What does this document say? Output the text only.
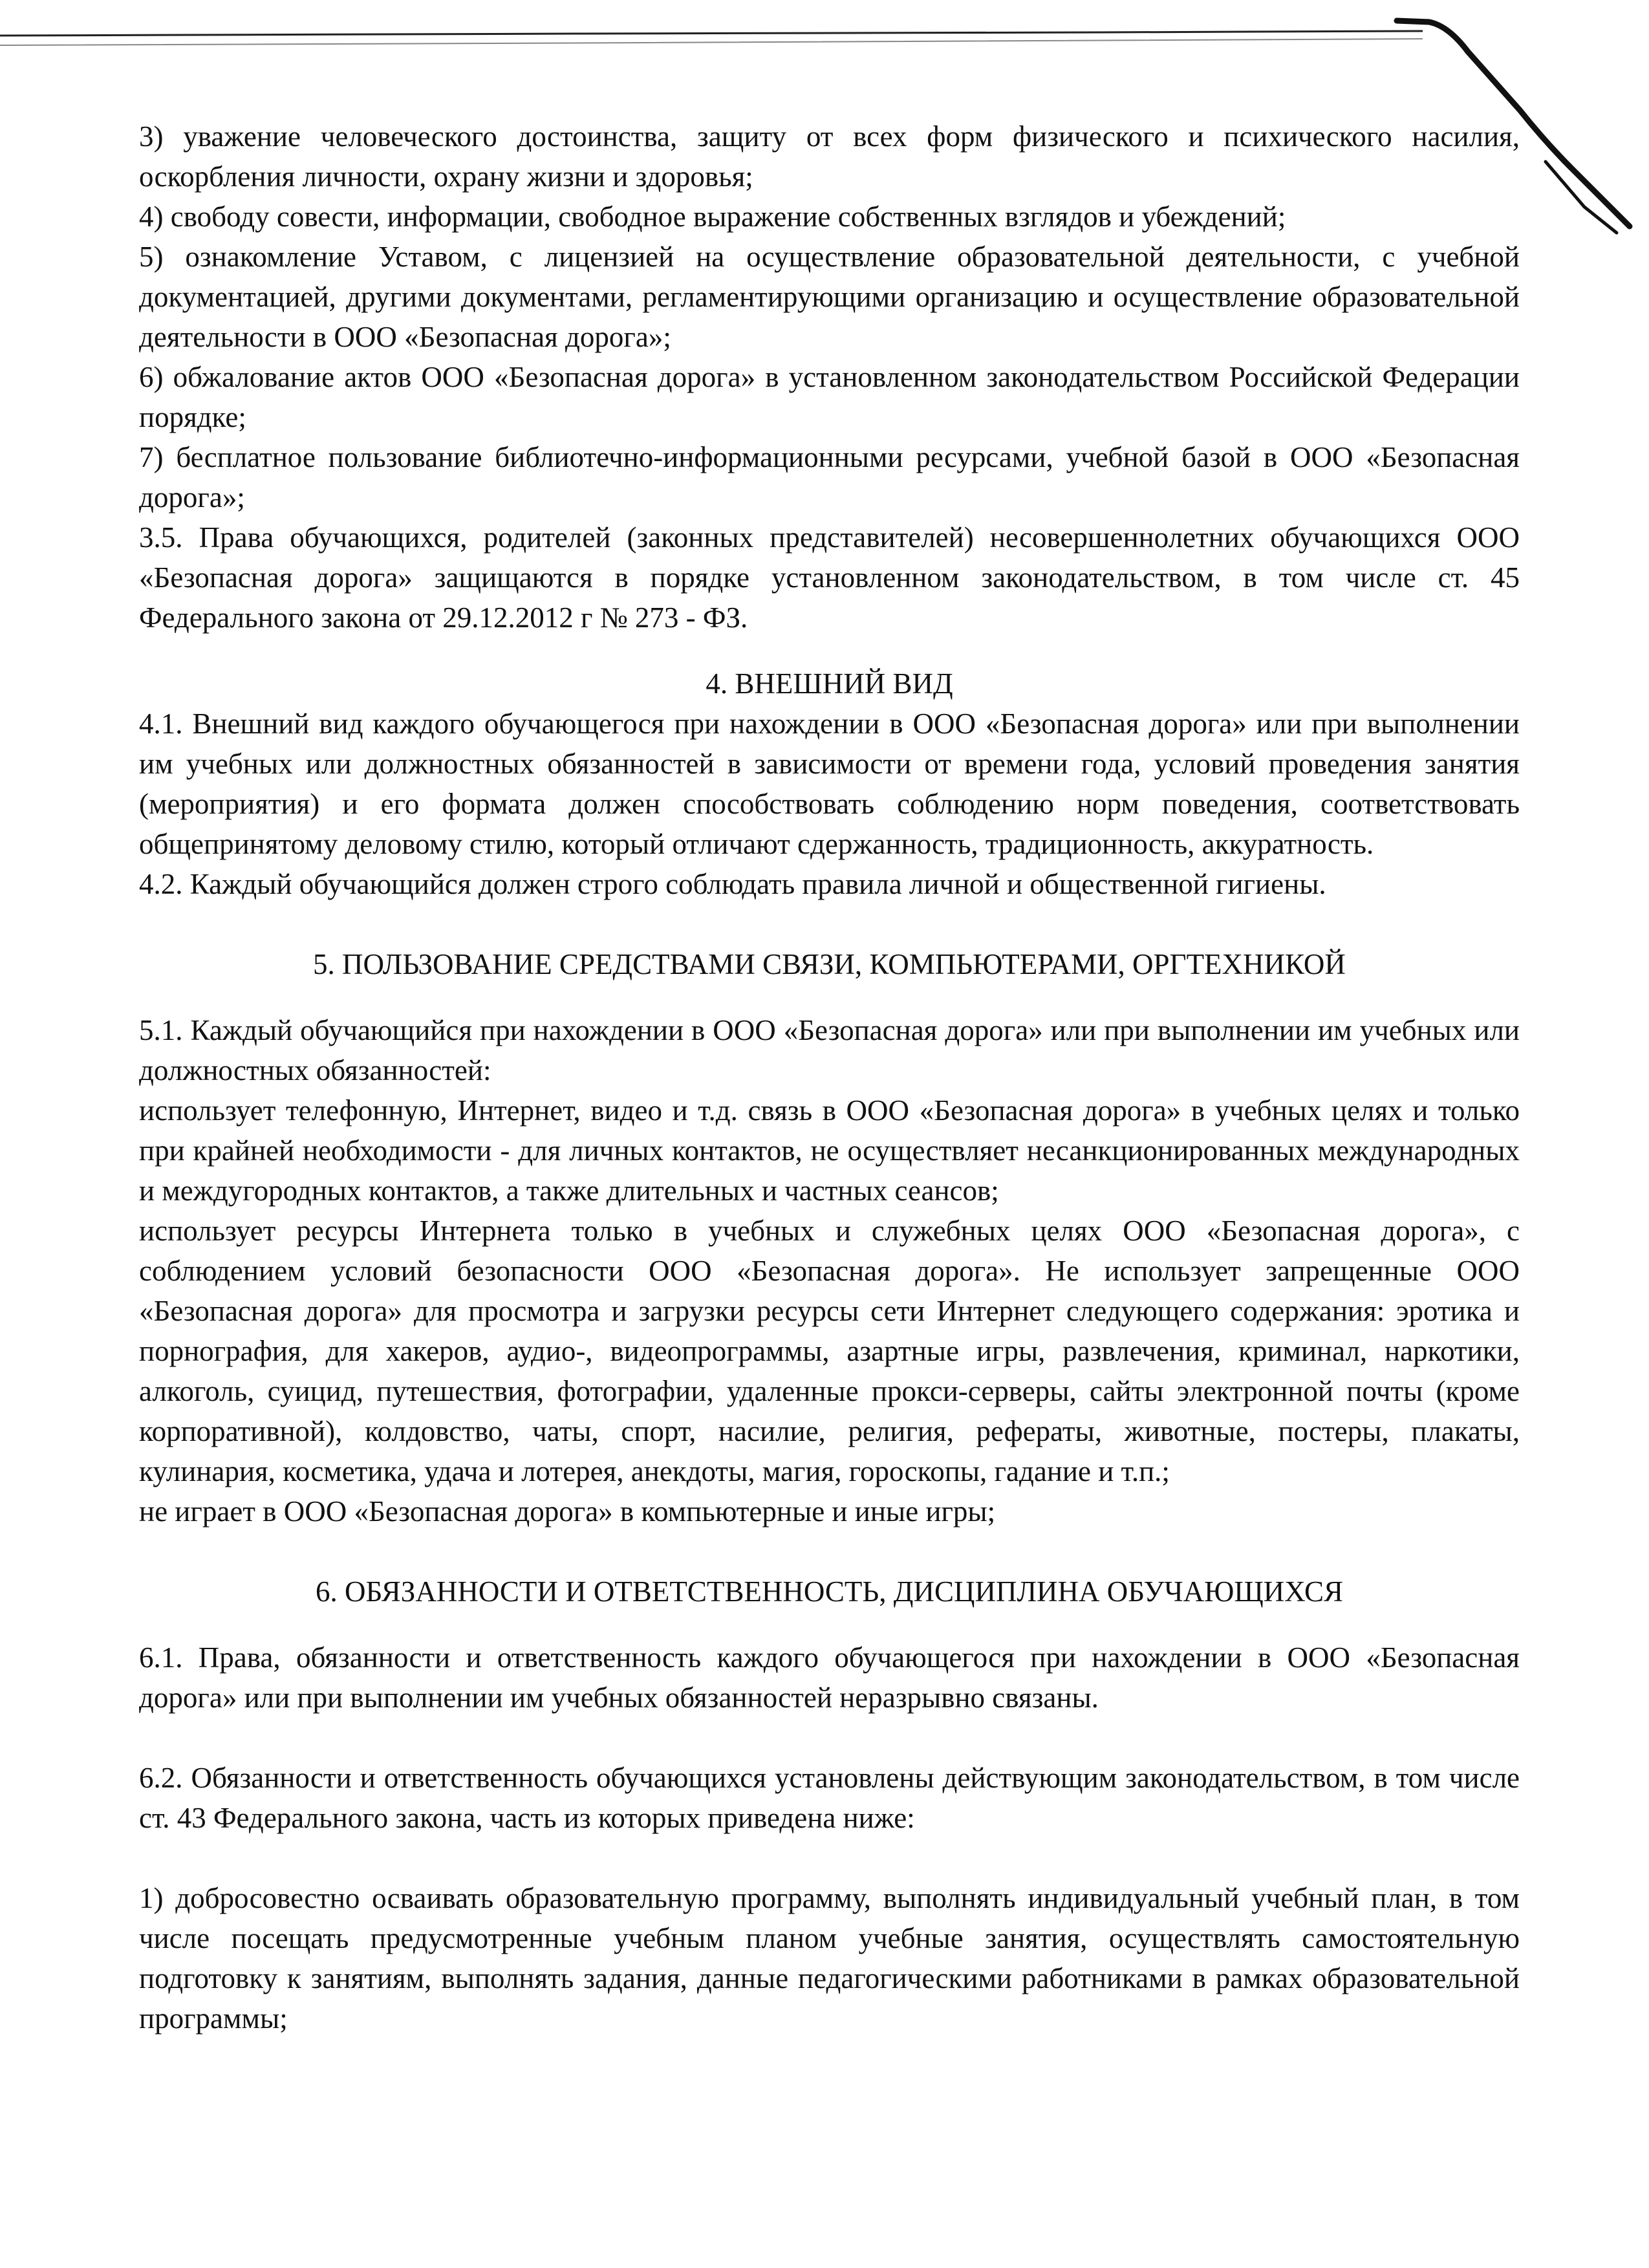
3) уважение человеческого достоинства, защиту от всех форм физического и психического насилия, оскорбления личности, охрану жизни и здоровья;

4) свободу совести, информации, свободное выражение собственных взглядов и убеждений;

5) ознакомление Уставом, с лицензией на осуществление образовательной деятельности, с учебной документацией, другими документами, регламентирующими организацию и осуществление образовательной деятельности в ООО «Безопасная дорога»;

6) обжалование актов ООО «Безопасная дорога» в установленном законодательством Российской Федерации порядке;

7) бесплатное пользование библиотечно-информационными ресурсами, учебной базой в ООО «Безопасная дорога»;

3.5. Права обучающихся, родителей (законных представителей) несовершеннолетних обучающихся ООО «Безопасная дорога» защищаются в порядке установленном законодательством, в том числе ст. 45 Федерального закона от 29.12.2012 г № 273 - ФЗ.

4. ВНЕШНИЙ ВИД

4.1. Внешний вид каждого обучающегося при нахождении в ООО «Безопасная дорога» или при выполнении им учебных или должностных обязанностей в зависимости от времени года, условий проведения занятия (мероприятия) и его формата должен способствовать соблюдению норм поведения, соответствовать общепринятому деловому стилю, который отличают сдержанность, традиционность, аккуратность.

4.2. Каждый обучающийся должен строго соблюдать правила личной и общественной гигиены.

5. ПОЛЬЗОВАНИЕ СРЕДСТВАМИ СВЯЗИ, КОМПЬЮТЕРАМИ, ОРГТЕХНИКОЙ

5.1. Каждый обучающийся при нахождении в ООО «Безопасная дорога» или при выполнении им учебных или должностных обязанностей:

использует телефонную, Интернет, видео и т.д. связь в ООО «Безопасная дорога» в учебных целях и только при крайней необходимости - для личных контактов, не осуществляет несанкционированных международных и междугородных контактов, а также длительных и частных сеансов;

использует ресурсы Интернета только в учебных и служебных целях ООО «Безопасная дорога», с соблюдением условий безопасности ООО «Безопасная дорога». Не использует запрещенные ООО «Безопасная дорога» для просмотра и загрузки ресурсы сети Интернет следующего содержания: эротика и порнография, для хакеров, аудио-, видеопрограммы, азартные игры, развлечения, криминал, наркотики, алкоголь, суицид, путешествия, фотографии, удаленные прокси-серверы, сайты электронной почты (кроме корпоративной), колдовство, чаты, спорт, насилие, религия, рефераты, животные, постеры, плакаты, кулинария, косметика, удача и лотерея, анекдоты, магия, гороскопы, гадание и т.п.;

не играет в ООО «Безопасная дорога» в компьютерные и иные игры;

6. ОБЯЗАННОСТИ И ОТВЕТСТВЕННОСТЬ, ДИСЦИПЛИНА ОБУЧАЮЩИХСЯ

6.1. Права, обязанности и ответственность каждого обучающегося при нахождении в ООО «Безопасная дорога» или при выполнении им учебных обязанностей неразрывно связаны.

6.2. Обязанности и ответственность обучающихся установлены действующим законодательством, в том числе ст. 43 Федерального закона, часть из которых приведена ниже:

1) добросовестно осваивать образовательную программу, выполнять индивидуальный учебный план, в том числе посещать предусмотренные учебным планом учебные занятия, осуществлять самостоятельную подготовку к занятиям, выполнять задания, данные педагогическими работниками в рамках образовательной программы;
